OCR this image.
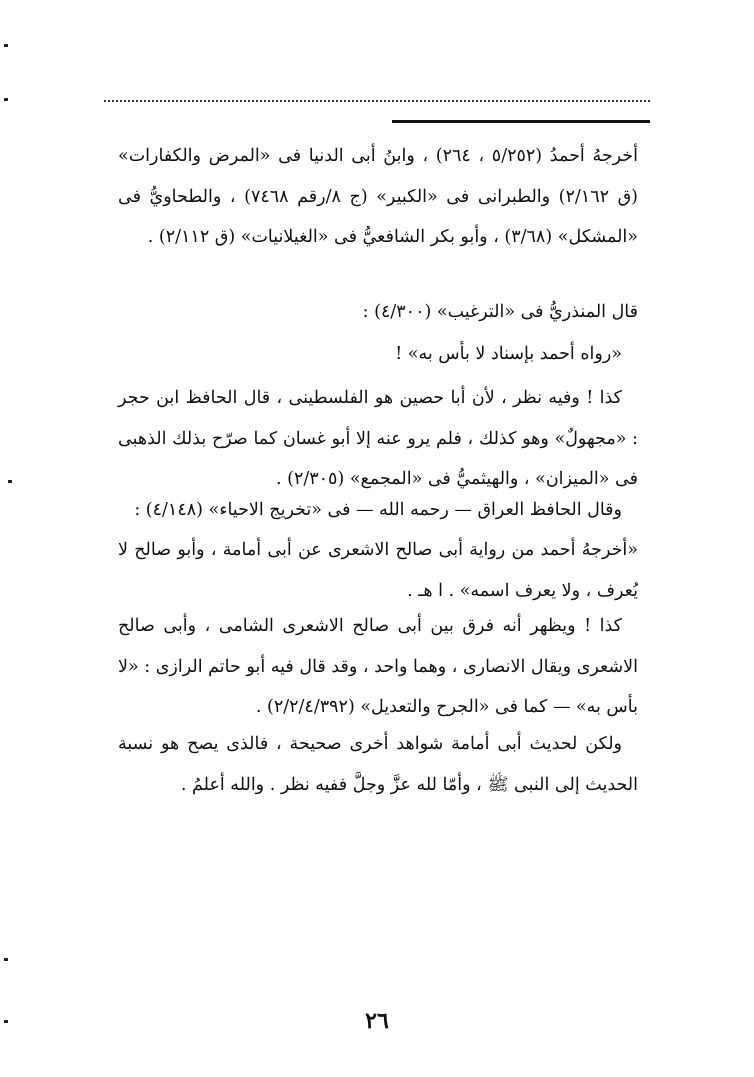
أخرجهُ أحمدُ (٥/٢٥٢ ، ٢٦٤) ، وابنُ أبى الدنيا فى «المرض والكفارات» (ق ٢/١٦٢) والطبرانى فى «الكبير» (ج ٨/رقم ٧٤٦٨) ، والطحاويُّ فى «المشكل» (٣/٦٨) ، وأبو بكر الشافعيُّ فى «الغيلانيات» (ق ٢/١١٢) .

قال المنذريُّ فى «الترغيب» (٤/٣٠٠) :

«رواه أحمد بإسناد لا بأس به» !

كذا ! وفيه نظر ، لأن أبا حصين هو الفلسطينى ، قال الحافظ ابن حجر : «مجهولٌ» وهو كذلك ، فلم يرو عنه إلا أبو غسان كما صرّح بذلك الذهبى فى «الميزان» ، والهيثميُّ فى «المجمع» (٢/٣٠٥) .

وقال الحافظ العراق — رحمه الله — فى «تخريج الاحياء» (٤/١٤٨) :

«أخرجهُ أحمد من رواية أبى صالح الاشعرى عن أبى أمامة ، وأبو صالح لا يُعرف ، ولا يعرف اسمه» . ا هـ .

كذا ! ويظهر أنه فرق بين أبى صالح الاشعرى الشامى ، وأبى صالح الاشعرى ويقال الانصارى ، وهما واحد ، وقد قال فيه أبو حاتم الرازى : «لا بأس به» — كما فى «الجرح والتعديل» (٢/٢/٤/٣٩٢) .

ولكن لحديث أبى أمامة شواهد أخرى صحيحة ، فالذى يصح هو نسبة الحديث إلى النبى ﷺ ، وأمّا لله عزَّ وجلَّ ففيه نظر . والله أعلمُ .

٢٦
